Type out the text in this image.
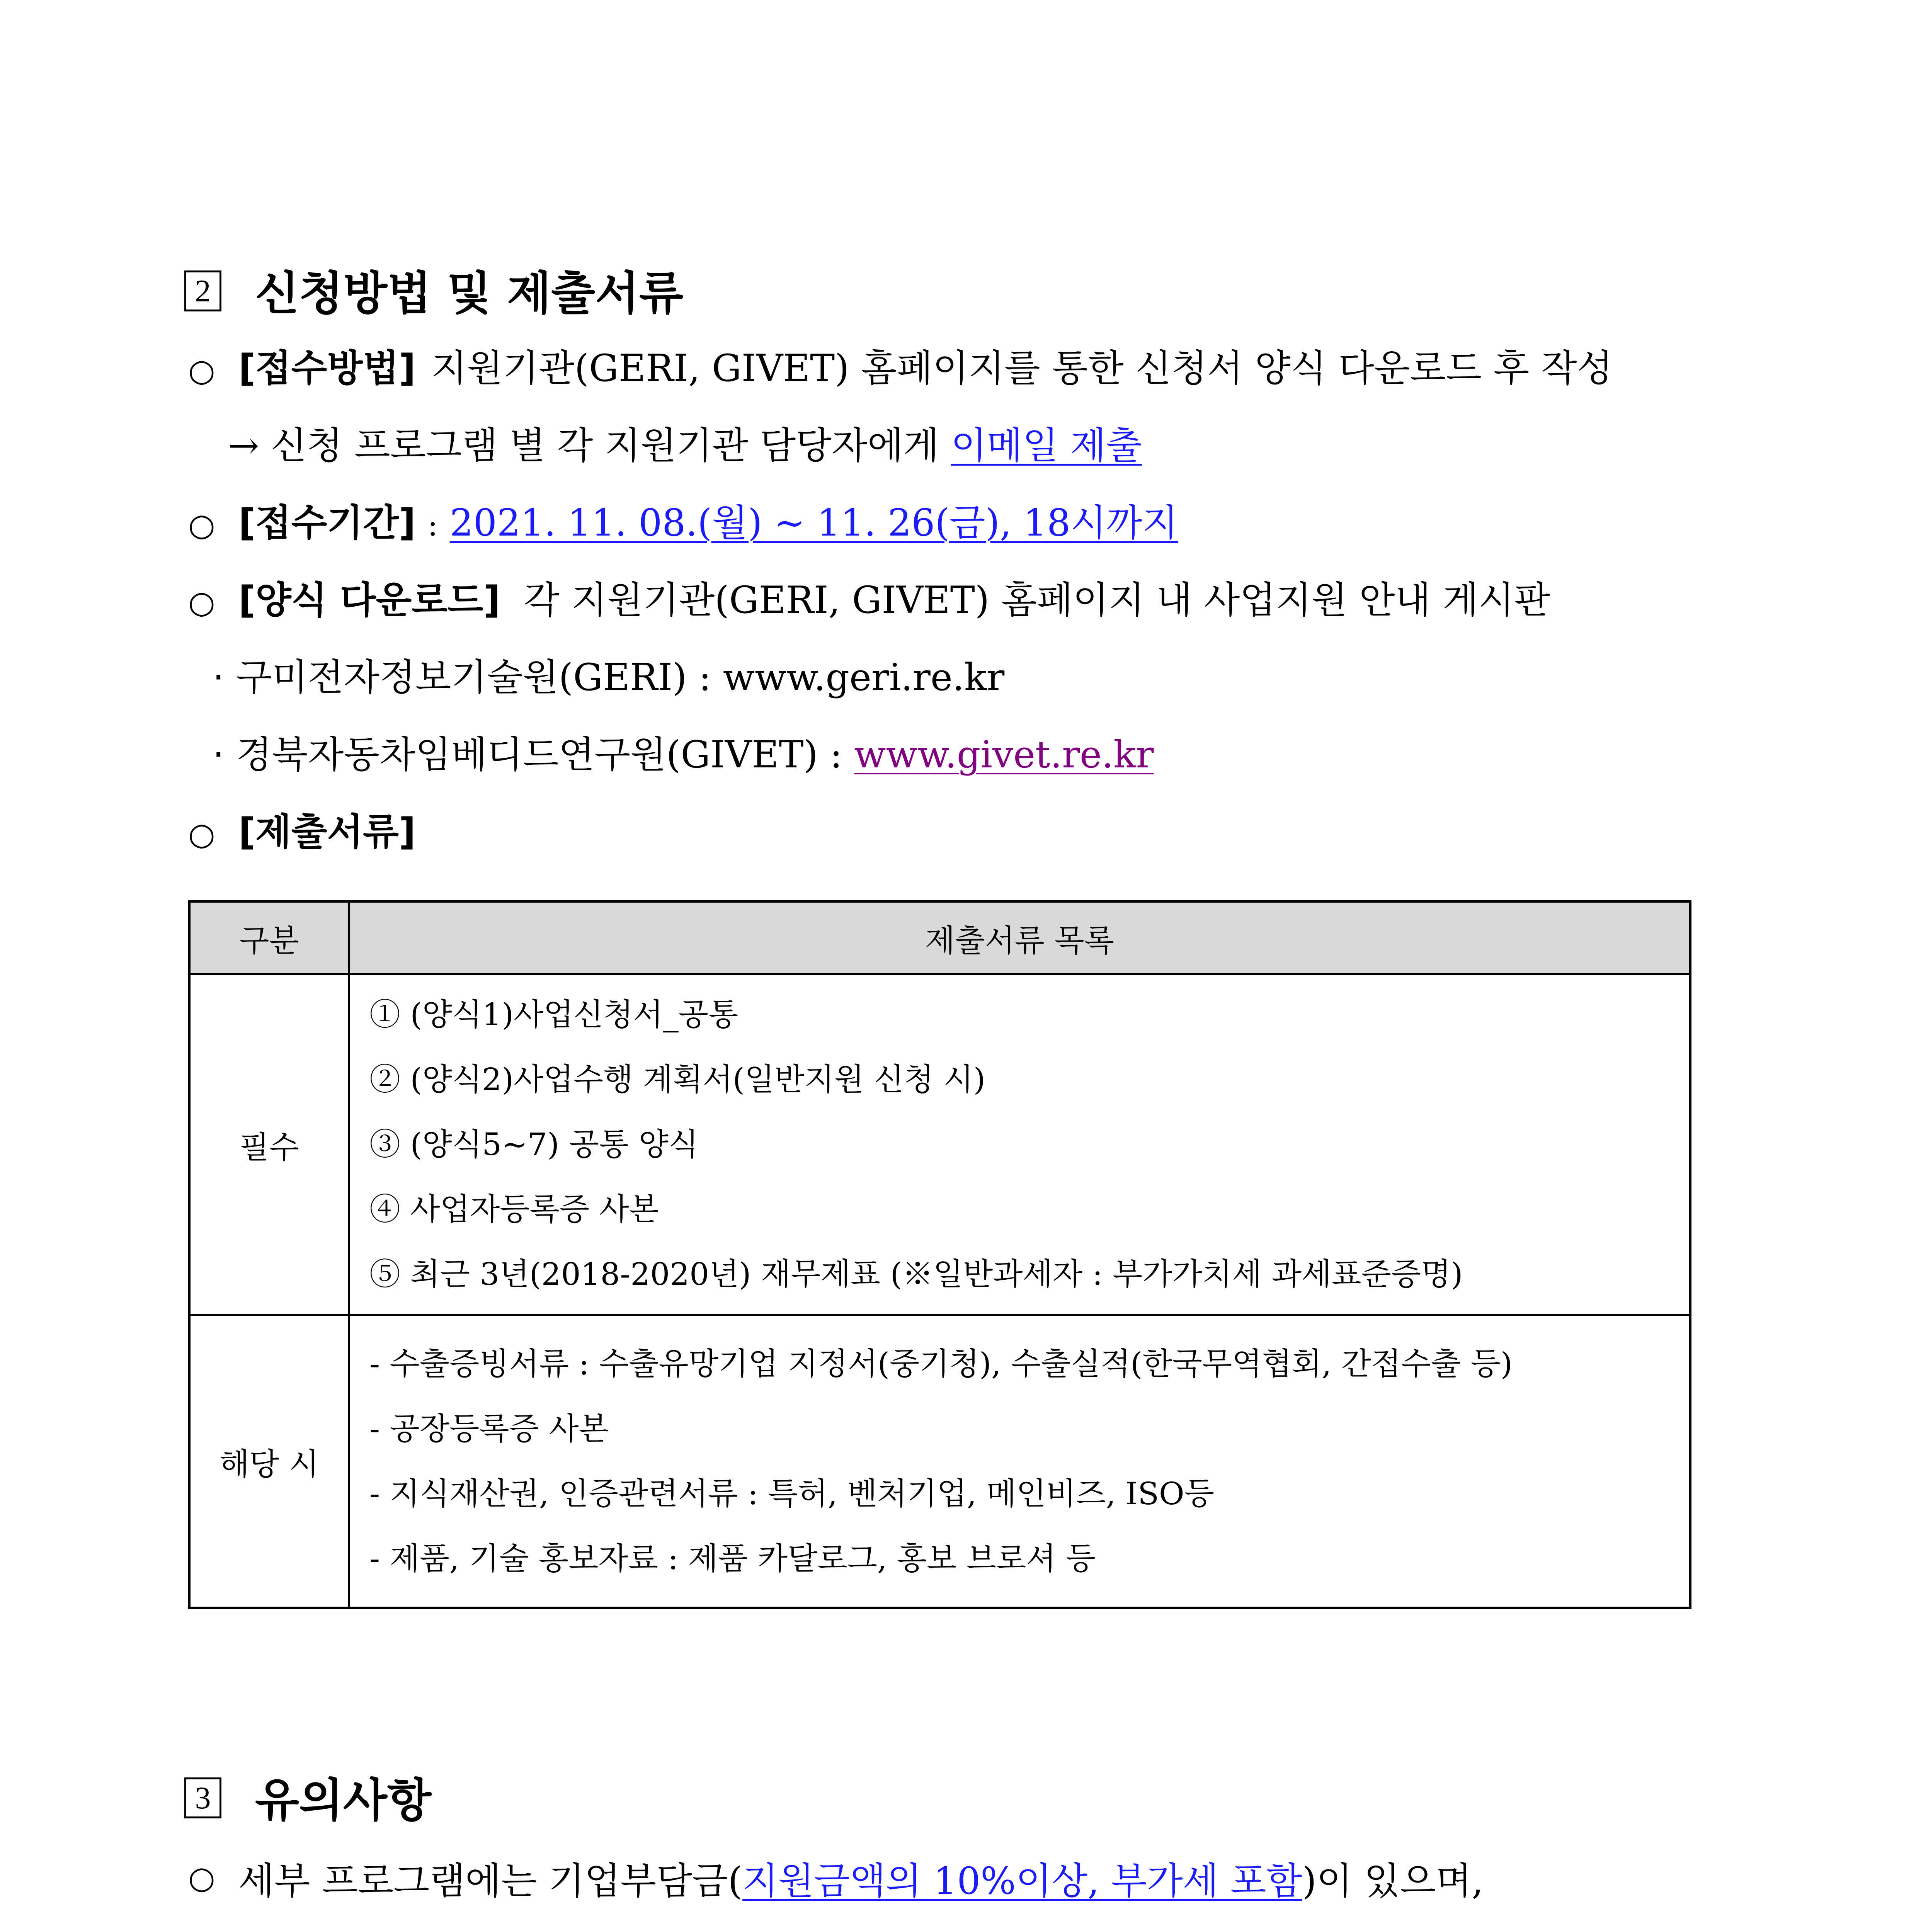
2 신청방법 및 제출서류
○ [접수방법] 지원기관(GERI, GIVET) 홈페이지를 통한 신청서 양식 다운로드 후 작성
→ 신청 프로그램 별 각 지원기관 담당자에게 이메일 제출
○ [접수기간] : 2021. 11. 08.(월) ~ 11. 26(금), 18시까지
○ [양식 다운로드] 각 지원기관(GERI, GIVET) 홈페이지 내 사업지원 안내 게시판
· 구미전자정보기술원(GERI) : www.geri.re.kr
· 경북자동차임베디드연구원(GIVET) : www.givet.re.kr
○ [제출서류]
구분	제출서류 목록
필수	① (양식1)사업신청서_공통
② (양식2)사업수행 계획서(일반지원 신청 시)
③ (양식5~7) 공통 양식
④ 사업자등록증 사본
⑤ 최근 3년(2018-2020년) 재무제표 (※일반과세자 : 부가가치세 과세표준증명)

해당 시	- 수출증빙서류 : 수출유망기업 지정서(중기청), 수출실적(한국무역협회, 간접수출 등)
- 공장등록증 사본
- 지식재산권, 인증관련서류 : 특허, 벤처기업, 메인비즈, ISO등
- 제품, 기술 홍보자료 : 제품 카달로그, 홍보 브로셔 등
3 유의사항
○ 세부 프로그램에는 기업부담금(지원금액의 10%이상, 부가세 포함)이 있으며,
